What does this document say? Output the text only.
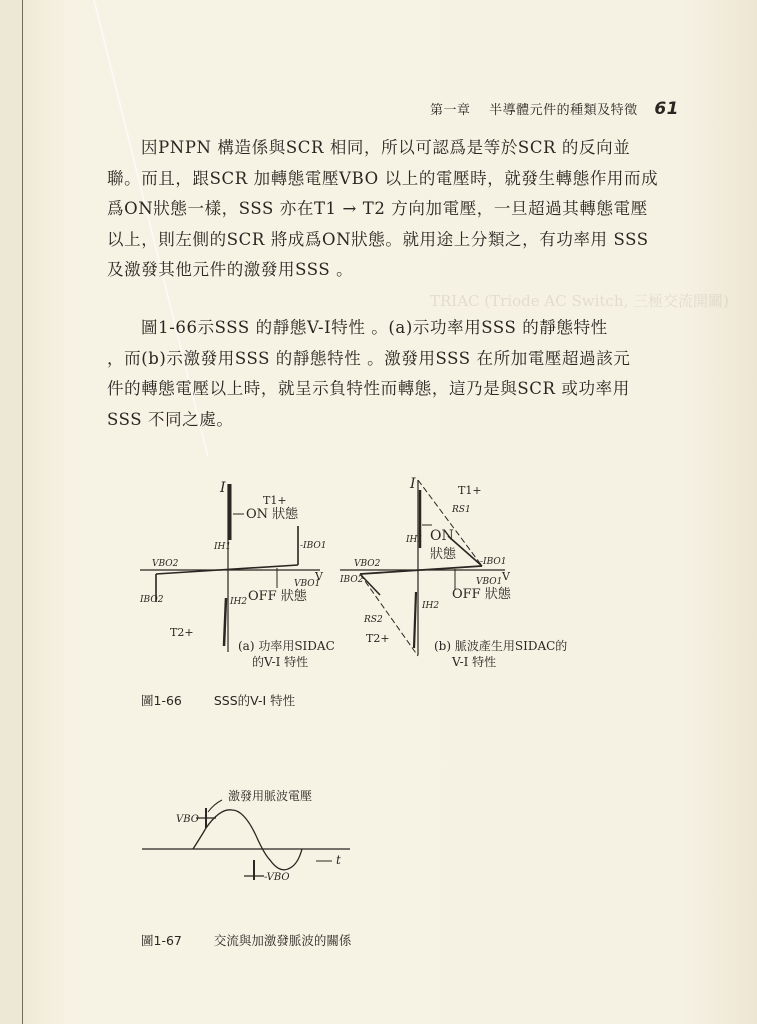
TRIAC (Triode AC Switch, 三極交流開關)
第一章 半導體元件的種類及特徵 61
因PNPN 構造係與SCR 相同，所以可認爲是等於SCR 的反向並
聯。而且，跟SCR 加轉態電壓VBO 以上的電壓時，就發生轉態作用而成
爲ON狀態一樣，SSS 亦在T1 → T2 方向加電壓，一旦超過其轉態電壓
以上，則左側的SCR 將成爲ON狀態。就用途上分類之，有功率用 SSS
及激發其他元件的激發用SSS 。
圖1-66示SSS 的靜態V-I特性 。(a)示功率用SSS 的靜態特性
，而(b)示激發用SSS 的靜態特性 。激發用SSS 在所加電壓超過該元
件的轉態電壓以上時，就呈示負特性而轉態，這乃是與SCR 或功率用
SSS 不同之處。
I
T1+
ON 狀態
IH1	-IBO1
VBO2
V
VBO1
IBO2	IH2 OFF 狀態
T2+
(a) 功率用SIDAC
的V-I 特性
I	T1+
RS1
IH1 ON
狀態	-IBO1
VBO2
V
VBO1
IBO2
OFF 狀態
IH2
RS2
T2+
(b) 脈波產生用SIDAC的
V-I 特性
圖1-66	SSS的V-I 特性
激發用脈波電壓
VBO
-VBO
t
圖1-67	交流與加激發脈波的關係
